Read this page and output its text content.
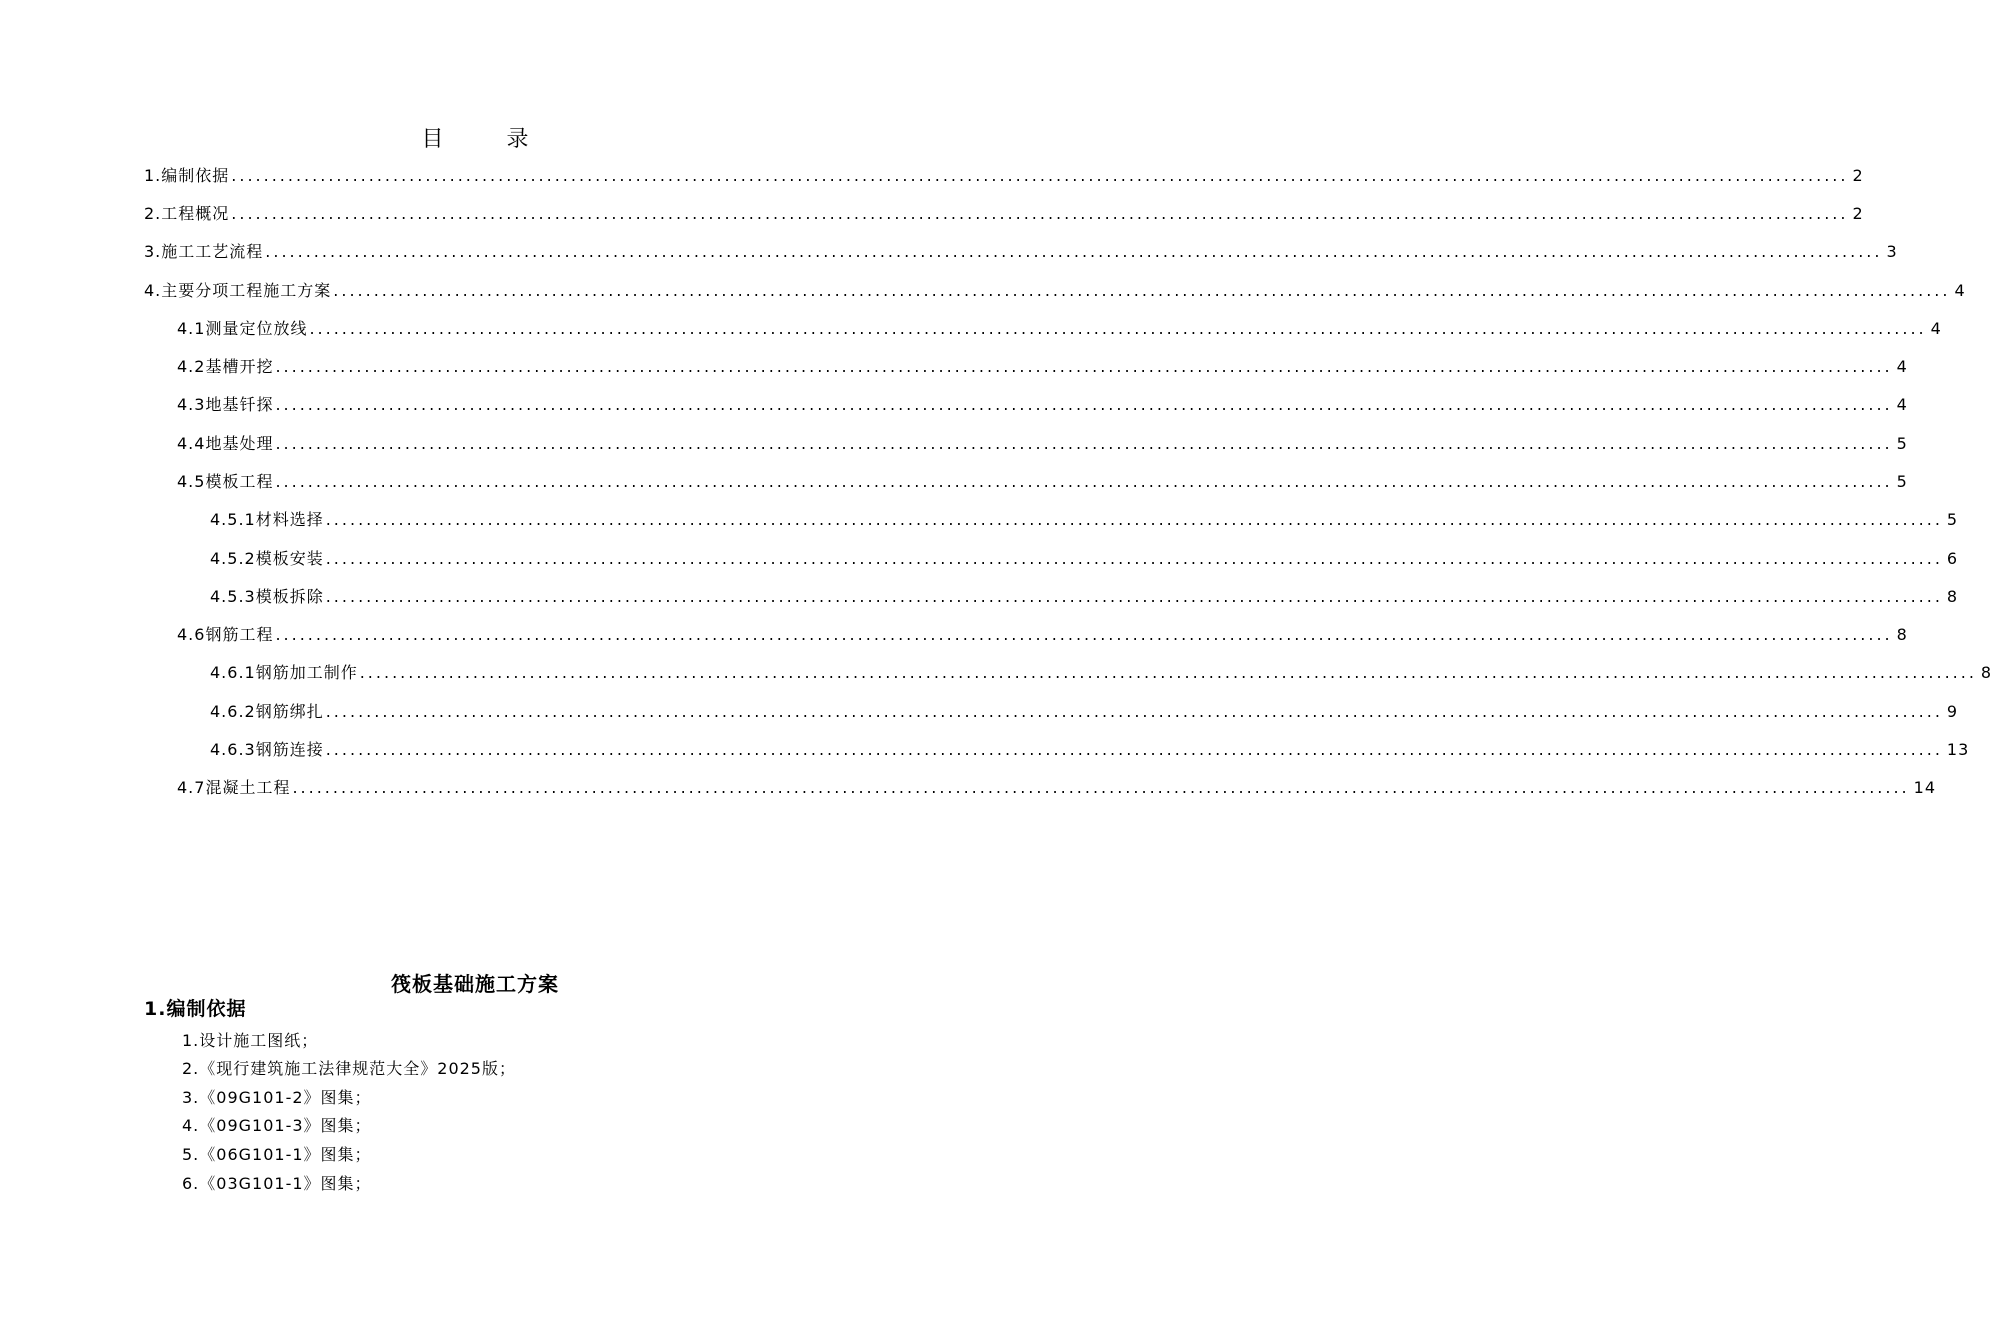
目 录
1.编制依据 ........................................................................................................................................................................................................ 2
2.工程概况 ........................................................................................................................................................................................................ 2
3.施工工艺流程 ........................................................................................................................................................................................................ 3
4.主要分项工程施工方案 ........................................................................................................................................................................................................ 4
4.1测量定位放线 ........................................................................................................................................................................................................ 4
4.2基槽开挖 ........................................................................................................................................................................................................ 4
4.3地基钎探 ........................................................................................................................................................................................................ 4
4.4地基处理 ........................................................................................................................................................................................................ 5
4.5模板工程 ........................................................................................................................................................................................................ 5
4.5.1材料选择 ........................................................................................................................................................................................................ 5
4.5.2模板安装 ........................................................................................................................................................................................................ 6
4.5.3模板拆除 ........................................................................................................................................................................................................ 8
4.6钢筋工程 ........................................................................................................................................................................................................ 8
4.6.1钢筋加工制作 ........................................................................................................................................................................................................ 8
4.6.2钢筋绑扎 ........................................................................................................................................................................................................ 9
4.6.3钢筋连接 ........................................................................................................................................................................................................ 13
4.7混凝土工程 ........................................................................................................................................................................................................ 14
筏板基础施工方案
1.编制依据
1.设计施工图纸；
2.《现行建筑施工法律规范大全》2025版；
3.《09G101-2》图集；
4.《09G101-3》图集；
5.《06G101-1》图集；
6.《03G101-1》图集；
